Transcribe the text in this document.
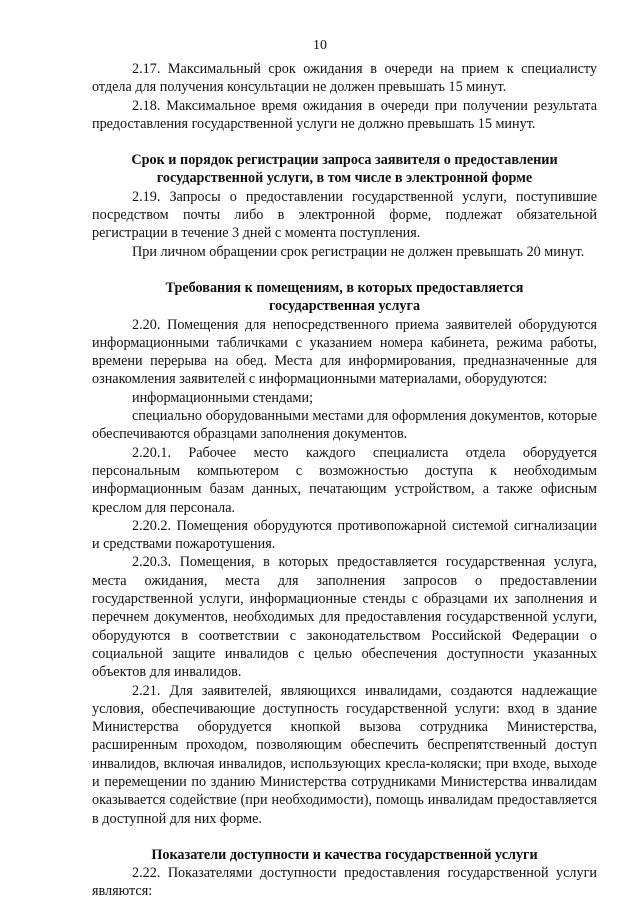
10

2.17. Максимальный срок ожидания в очереди на прием к специалисту отдела для получения консультации не должен превышать 15 минут.

2.18. Максимальное время ожидания в очереди при получении результата предоставления государственной услуги не должно превышать 15 минут.

Срок и порядок регистрации запроса заявителя о предоставлении государственной услуги, в том числе в электронной форме

2.19. Запросы о предоставлении государственной услуги, поступившие посредством почты либо в электронной форме, подлежат обязательной регистрации в течение 3 дней с момента поступления.

При личном обращении срок регистрации не должен превышать 20 минут.

Требования к помещениям, в которых предоставляется государственная услуга

2.20. Помещения для непосредственного приема заявителей оборудуются информационными табличками с указанием номера кабинета, режима работы, времени перерыва на обед. Места для информирования, предназначенные для ознакомления заявителей с информационными материалами, оборудуются:

информационными стендами;

специально оборудованными местами для оформления документов, которые обеспечиваются образцами заполнения документов.

2.20.1. Рабочее место каждого специалиста отдела оборудуется персональным компьютером с возможностью доступа к необходимым информационным базам данных, печатающим устройством, а также офисным креслом для персонала.

2.20.2. Помещения оборудуются противопожарной системой сигнализации и средствами пожаротушения.

2.20.3. Помещения, в которых предоставляется государственная услуга, места ожидания, места для заполнения запросов о предоставлении государственной услуги, информационные стенды с образцами их заполнения и перечнем документов, необходимых для предоставления государственной услуги, оборудуются в соответствии с законодательством Российской Федерации о социальной защите инвалидов с целью обеспечения доступности указанных объектов для инвалидов.

2.21. Для заявителей, являющихся инвалидами, создаются надлежащие условия, обеспечивающие доступность государственной услуги: вход в здание Министерства оборудуется кнопкой вызова сотрудника Министерства, расширенным проходом, позволяющим обеспечить беспрепятственный доступ инвалидов, включая инвалидов, использующих кресла-коляски; при входе, выходе и перемещении по зданию Министерства сотрудниками Министерства инвалидам оказывается содействие (при необходимости), помощь инвалидам предоставляется в доступной для них форме.

Показатели доступности и качества государственной услуги

2.22. Показателями доступности предоставления государственной услуги являются:
